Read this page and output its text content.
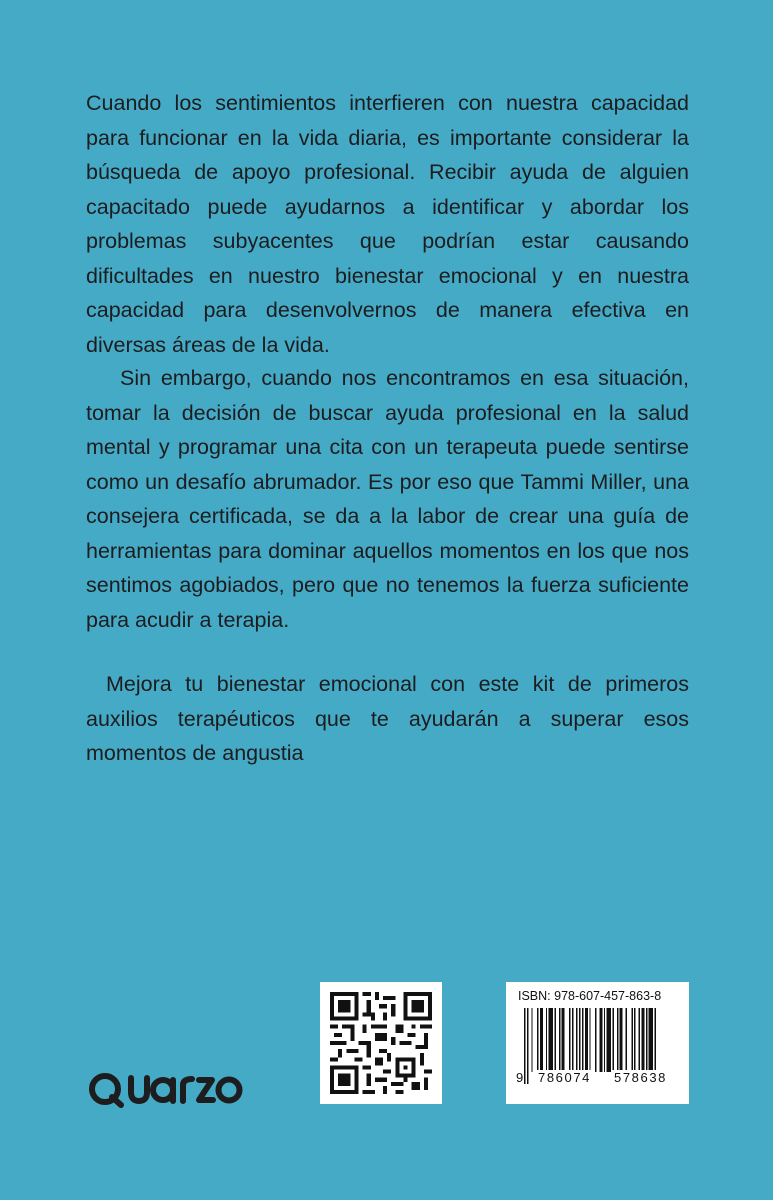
Cuando los sentimientos interfieren con nuestra capacidad para funcionar en la vida diaria, es importante considerar la búsqueda de apoyo profesional. Recibir ayuda de alguien capacitado puede ayudarnos a identificar y abordar los problemas subyacentes que podrían estar causando dificultades en nuestro bienestar emocional y en nuestra capacidad para desenvolvernos de manera efectiva en diversas áreas de la vida.

Sin embargo, cuando nos encontramos en esa situación, tomar la decisión de buscar ayuda profesional en la salud mental y programar una cita con un terapeuta puede sentirse como un desafío abrumador. Es por eso que Tammi Miller, una consejera certificada, se da a la labor de crear una guía de herramientas para dominar aquellos momentos en los que nos sentimos agobiados, pero que no tenemos la fuerza suficiente para acudir a terapia.

Mejora tu bienestar emocional con este kit de primeros auxilios terapéuticos que te ayudarán a superar esos momentos de angustia

ISBN: 978-607-457-863-8
9 786074 578638
